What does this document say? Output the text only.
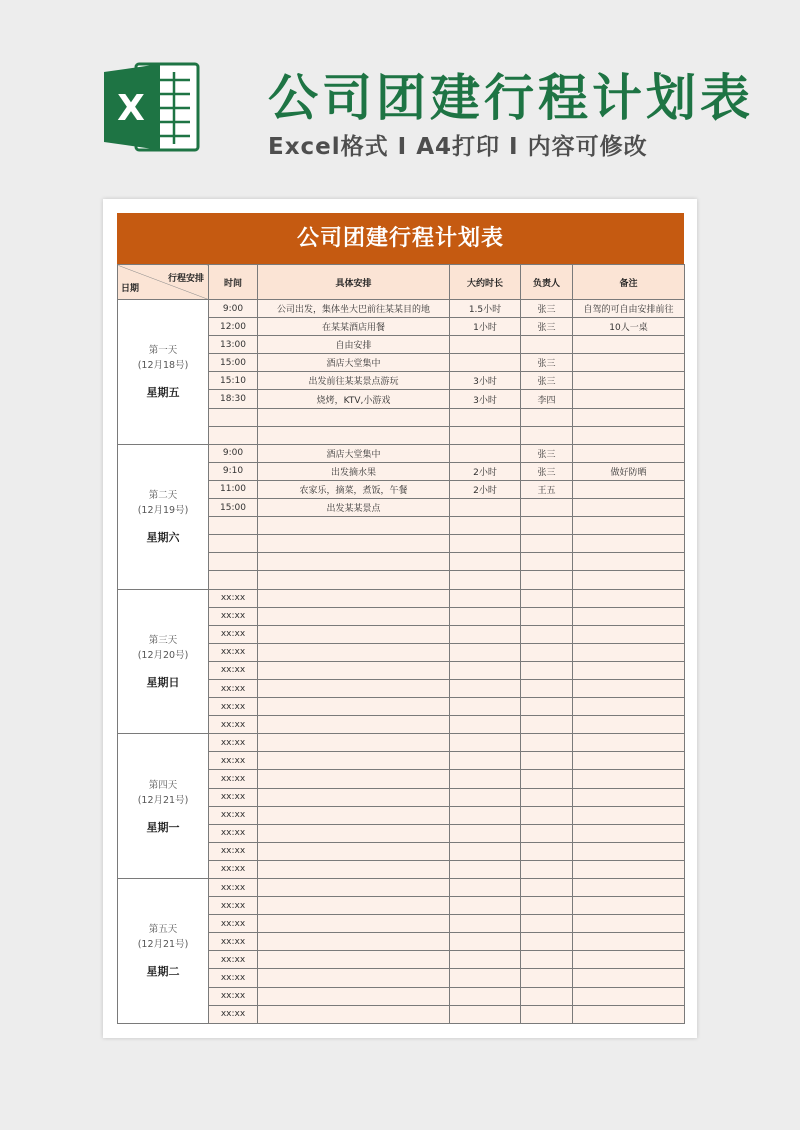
X 公司团建行程计划表
Excel格式 I A4打印 I 内容可修改
公司团建行程计划表
行程安排
日期	时间	具体安排	大约时长	负责人	备注

第一天
(12月18号)
星期五	9:00	公司出发，集体坐大巴前往某某目的地	1.5小时	张三	自驾的可自由安排前往
	12:00	在某某酒店用餐	1小时	张三	10人一桌
	13:00	自由安排			
	15:00	酒店大堂集中		张三	
	15:10	出发前往某某景点游玩	3小时	张三	
	18:30	烧烤，KTV,小游戏	3小时	李四	

第二天
(12月19号)
星期六	9:00	酒店大堂集中		张三	
	9:10	出发摘水果	2小时	张三	做好防晒
	11:00	农家乐，摘菜，煮饭，午餐	2小时	王五	
	15:00	出发某某景点			

第三天
(12月20号)
星期日	xx:xx				
	xx:xx				
	xx:xx				
	xx:xx				
	xx:xx				
	xx:xx				
	xx:xx				
	xx:xx				

第四天
(12月21号)
星期一	xx:xx				
	xx:xx				
	xx:xx				
	xx:xx				
	xx:xx				
	xx:xx				
	xx:xx				
	xx:xx				

第五天
(12月21号)
星期二	xx:xx				
	xx:xx				
	xx:xx				
	xx:xx				
	xx:xx				
	xx:xx				
	xx:xx				
	xx:xx				
